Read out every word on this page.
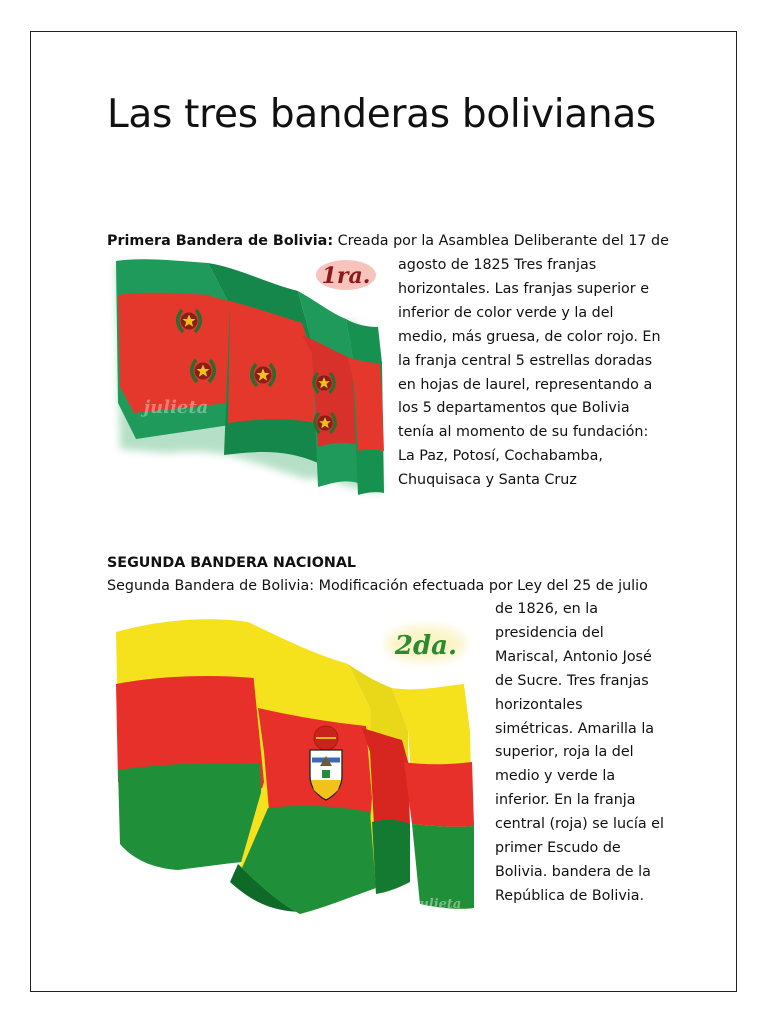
Las tres banderas bolivianas
Primera Bandera de Bolivia: Creada por la Asamblea Deliberante del 17 de

agosto de 1825 Tres franjas
horizontales. Las franjas superior e
inferior de color verde y la del
medio, más gruesa, de color rojo. En
la franja central 5 estrellas doradas
en hojas de laurel, representando a
los 5 departamentos que Bolivia
tenía al momento de su fundación:
La Paz, Potosí, Cochabamba,
Chuquisaca y Santa Cruz

1ra.
julieta
SEGUNDA BANDERA NACIONAL
Segunda Bandera de Bolivia: Modificación efectuada por Ley del 25 de julio

de 1826, en la
presidencia del
Mariscal, Antonio José
de Sucre. Tres franjas
horizontales
simétricas. Amarilla la
superior, roja la del
medio y verde la
inferior. En la franja
central (roja) se lucía el
primer Escudo de
Bolivia. bandera de la
República de Bolivia.

2da.
julieta
